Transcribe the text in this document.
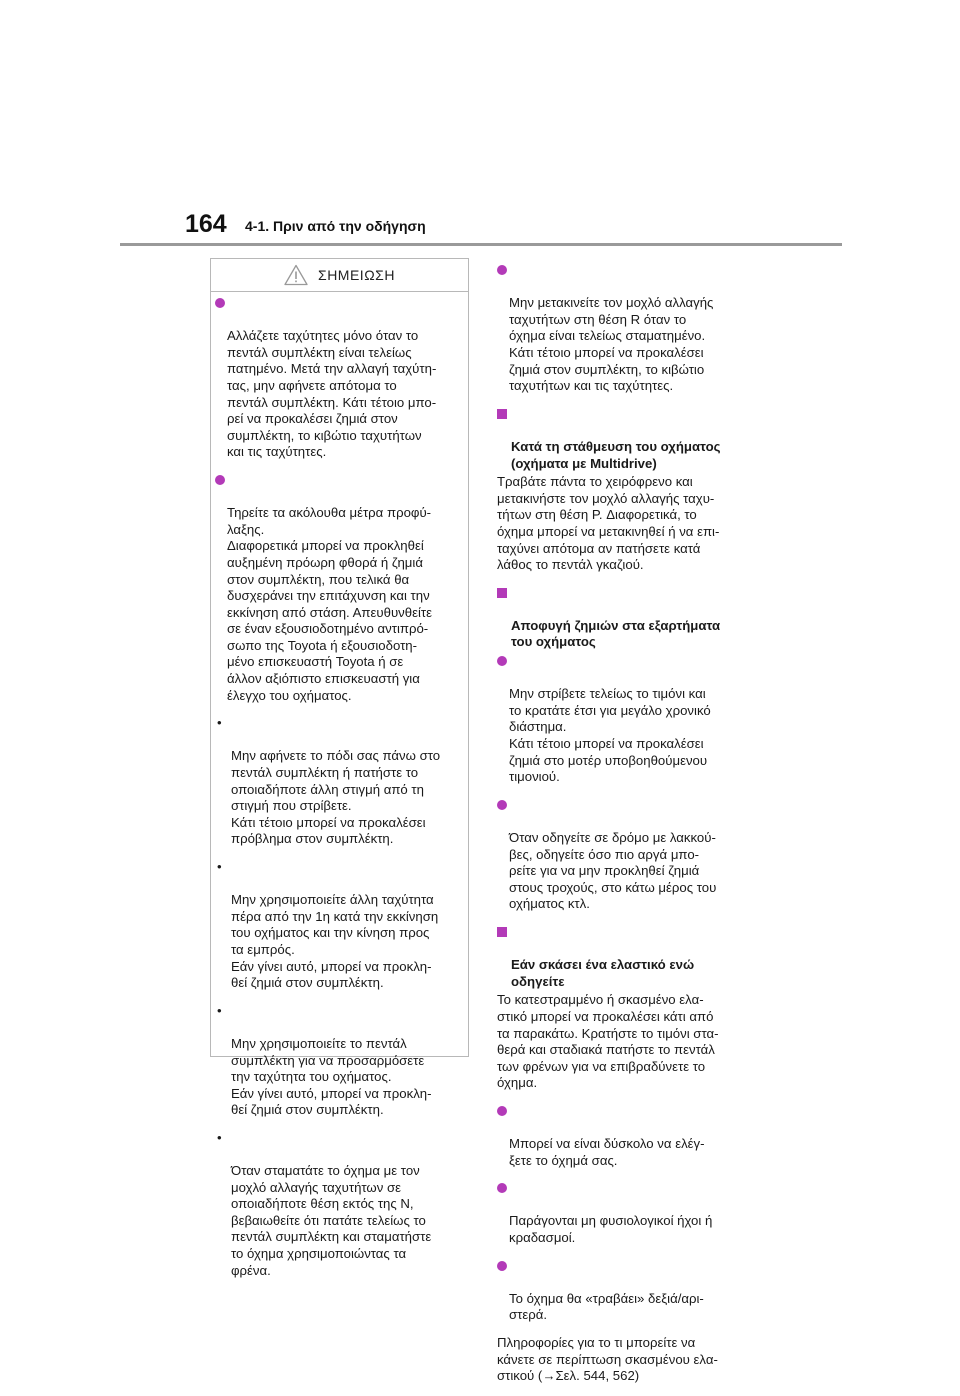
164 4-1. Πριν από την οδήγηση
ΣΗΜΕΙΩΣΗ

Αλλάζετε ταχύτητες μόνο όταν το
πεντάλ συμπλέκτη είναι τελείως
πατημένο. Μετά την αλλαγή ταχύτη-
τας, μην αφήνετε απότομα το
πεντάλ συμπλέκτη. Κάτι τέτοιο μπο-
ρεί να προκαλέσει ζημιά στον
συμπλέκτη, το κιβώτιο ταχυτήτων
και τις ταχύτητες.

Τηρείτε τα ακόλουθα μέτρα προφύ-
λαξης.
Διαφορετικά μπορεί να προκληθεί
αυξημένη πρόωρη φθορά ή ζημιά
στον συμπλέκτη, που τελικά θα
δυσχεράνει την επιτάχυνση και την
εκκίνηση από στάση. Απευθυνθείτε
σε έναν εξουσιοδοτημένο αντιπρό-
σωπο της Toyota ή εξουσιοδοτη-
μένο επισκευαστή Toyota ή σε
άλλον αξιόπιστο επισκευαστή για
έλεγχο του οχήματος.

•

Μην αφήνετε το πόδι σας πάνω στο
πεντάλ συμπλέκτη ή πατήστε το
οποιαδήποτε άλλη στιγμή από τη
στιγμή που στρίβετε.
Κάτι τέτοιο μπορεί να προκαλέσει
πρόβλημα στον συμπλέκτη.

•

Μην χρησιμοποιείτε άλλη ταχύτητα
πέρα από την 1η κατά την εκκίνηση
του οχήματος και την κίνηση προς
τα εμπρός.
Εάν γίνει αυτό, μπορεί να προκλη-
θεί ζημιά στον συμπλέκτη.

•

Μην χρησιμοποιείτε το πεντάλ
συμπλέκτη για να προσαρμόσετε
την ταχύτητα του οχήματος.
Εάν γίνει αυτό, μπορεί να προκλη-
θεί ζημιά στον συμπλέκτη.

•

Όταν σταματάτε το όχημα με τον
μοχλό αλλαγής ταχυτήτων σε
οποιαδήποτε θέση εκτός της N,
βεβαιωθείτε ότι πατάτε τελείως το
πεντάλ συμπλέκτη και σταματήστε
το όχημα χρησιμοποιώντας τα
φρένα.

Μην μετακινείτε τον μοχλό αλλαγής
ταχυτήτων στη θέση R όταν το
όχημα είναι τελείως σταματημένο.
Κάτι τέτοιο μπορεί να προκαλέσει
ζημιά στον συμπλέκτη, το κιβώτιο
ταχυτήτων και τις ταχύτητες.

Κατά τη στάθμευση του οχήματος
(οχήματα με Multidrive)

Τραβάτε πάντα το χειρόφρενο και
μετακινήστε τον μοχλό αλλαγής ταχυ-
τήτων στη θέση P. Διαφορετικά, το
όχημα μπορεί να μετακινηθεί ή να επι-
ταχύνει απότομα αν πατήσετε κατά
λάθος το πεντάλ γκαζιού.

Αποφυγή ζημιών στα εξαρτήματα
του οχήματος

Μην στρίβετε τελείως το τιμόνι και
το κρατάτε έτσι για μεγάλο χρονικό
διάστημα.
Κάτι τέτοιο μπορεί να προκαλέσει
ζημιά στο μοτέρ υποβοηθούμενου
τιμονιού.

Όταν οδηγείτε σε δρόμο με λακκού-
βες, οδηγείτε όσο πιο αργά μπο-
ρείτε για να μην προκληθεί ζημιά
στους τροχούς, στο κάτω μέρος του
οχήματος κτλ.

Εάν σκάσει ένα ελαστικό ενώ
οδηγείτε

Το κατεστραμμένο ή σκασμένο ελα-
στικό μπορεί να προκαλέσει κάτι από
τα παρακάτω. Κρατήστε το τιμόνι στα-
θερά και σταδιακά πατήστε το πεντάλ
των φρένων για να επιβραδύνετε το
όχημα.

Μπορεί να είναι δύσκολο να ελέγ-
ξετε το όχημά σας.

Παράγονται μη φυσιολογικοί ήχοι ή
κραδασμοί.

Το όχημα θα «τραβάει» δεξιά/αρι-
στερά.

Πληροφορίες για το τι μπορείτε να
κάνετε σε περίπτωση σκασμένου ελα-
στικού (→Σελ. 544, 562)
